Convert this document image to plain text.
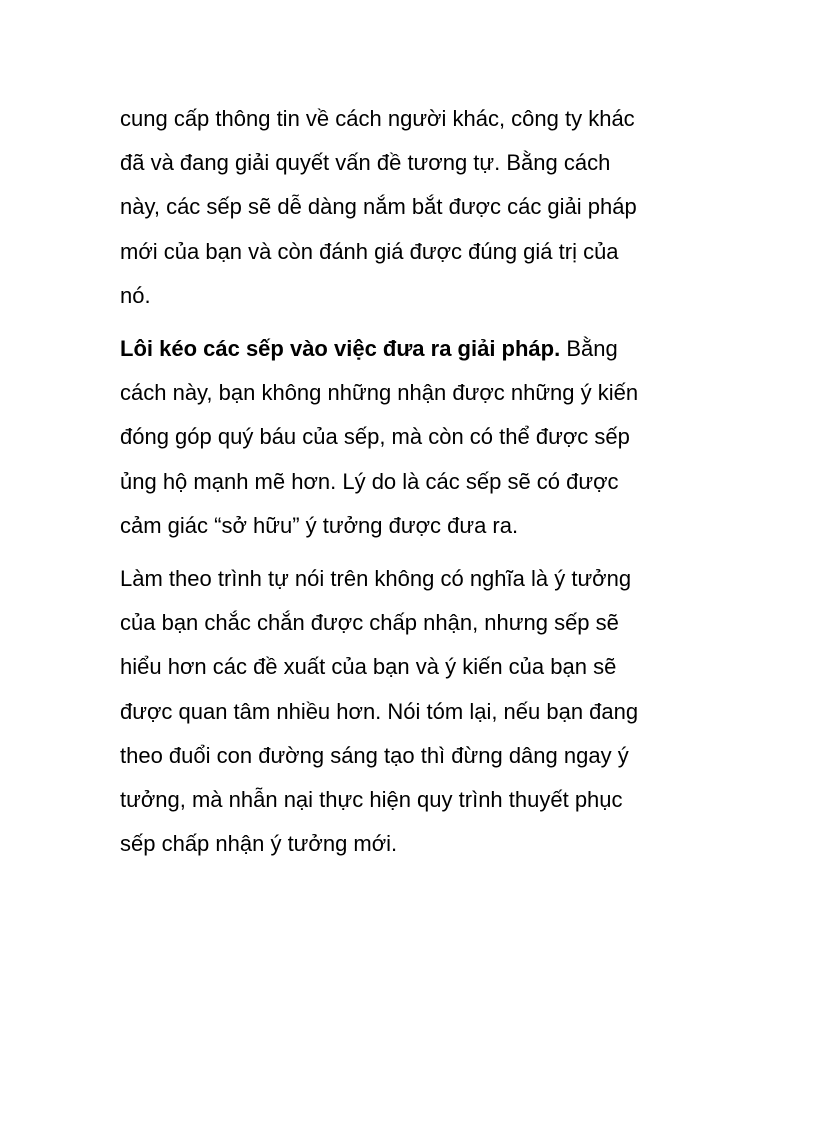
cung cấp thông tin về cách người khác, công ty khác
đã và đang giải quyết vấn đề tương tự. Bằng cách
này, các sếp sẽ dễ dàng nắm bắt được các giải pháp
mới của bạn và còn đánh giá được đúng giá trị của
nó.

Lôi kéo các sếp vào việc đưa ra giải pháp. Bằng
cách này, bạn không những nhận được những ý kiến
đóng góp quý báu của sếp, mà còn có thể được sếp
ủng hộ mạnh mẽ hơn. Lý do là các sếp sẽ có được
cảm giác “sở hữu” ý tưởng được đưa ra.

Làm theo trình tự nói trên không có nghĩa là ý tưởng
của bạn chắc chắn được chấp nhận, nhưng sếp sẽ
hiểu hơn các đề xuất của bạn và ý kiến của bạn sẽ
được quan tâm nhiều hơn. Nói tóm lại, nếu bạn đang
theo đuổi con đường sáng tạo thì đừng dâng ngay ý
tưởng, mà nhẫn nại thực hiện quy trình thuyết phục
sếp chấp nhận ý tưởng mới.
